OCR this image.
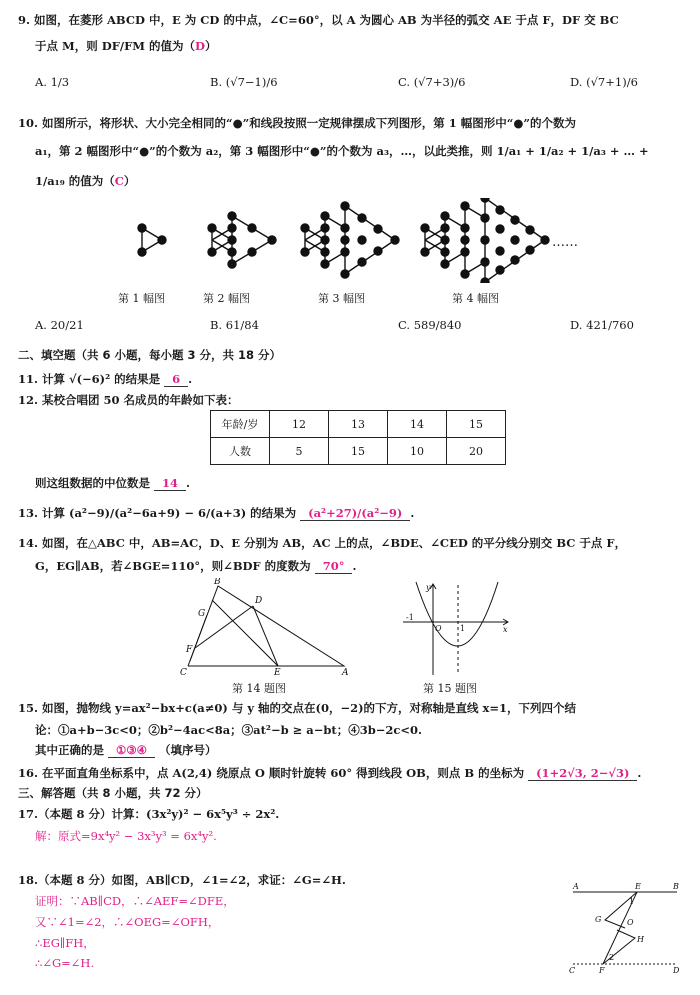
9. 如图，在菱形 ABCD 中，E 为 CD 的中点，∠C=60°，以 A 为圆心 AB 为半径的弧交 AE 于点 F，DF 交 BC
于点 M，则 DF/FM 的值为（D）
A. 1/3	B. (√7−1)/6	C. (√7+3)/6	D. (√7+1)/6
10. 如图所示，将形状、大小完全相同的“●”和线段按照一定规律摆成下列图形，第 1 幅图形中“●”的个数为
a₁，第 2 幅图形中“●”的个数为 a₂，第 3 幅图形中“●”的个数为 a₃，…，以此类推，则 1/a₁ + 1/a₂ + 1/a₃ + … +
1/a₁₉ 的值为（C）
……
第 1 幅图	第 2 幅图	第 3 幅图	第 4 幅图
A. 20/21	B. 61/84	C. 589/840	D. 421/760
二、填空题（共 6 小题，每小题 3 分，共 18 分）
11. 计算 √(−6)² 的结果是 6 .
12. 某校合唱团 50 名成员的年龄如下表：
年龄/岁	12	13	14	15
人数	5	15	10	20
则这组数据的中位数是 14 .
13. 计算 (a²−9)/(a²−6a+9) − 6/(a+3) 的结果为 (a²+27)/(a²−9) .
14. 如图，在△ABC 中，AB=AC，D、E 分别为 AB，AC 上的点，∠BDE、∠CED 的平分线分别交 BC 于点 F，
G，EG∥AB，若∠BGE=110°，则∠BDF 的度数为 70° .
B
D
G
F
C	E	A
y
x
O
-1
1
第 14 题图	第 15 题图
15. 如图，抛物线 y=ax²−bx+c(a≠0) 与 y 轴的交点在(0，−2)的下方，对称轴是直线 x=1，下列四个结
论：①a+b−3c<0；②b²−4ac<8a；③at²−b ≥ a−bt；④3b−2c<0.
其中正确的是 ①③④ （填序号）
16. 在平面直角坐标系中，点 A(2,4) 绕原点 O 顺时针旋转 60° 得到线段 OB，则点 B 的坐标为 (1+2√3, 2−√3) .
三、解答题（共 8 小题，共 72 分）
17.（本题 8 分）计算：(3x²y)² − 6x⁵y³ ÷ 2x².
解：原式=9x⁴y² − 3x³y³ = 6x⁴y².
18.（本题 8 分）如图，AB∥CD，∠1=∠2，求证：∠G=∠H.
证明：∵AB∥CD，∴∠AEF=∠DFE，
又∵∠1=∠2，∴∠OEG=∠OFH，
∴EG∥FH，
∴∠G=∠H.
A	E	B
G	O
H
C	F	D
1
2
